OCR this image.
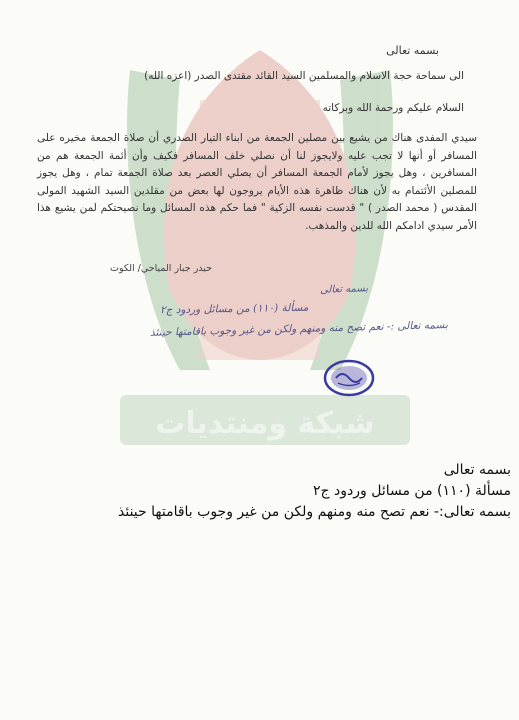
شبكة ومنتديات
بسمه تعالى
الى سماحة حجة الاسلام والمسلمين السيد القائد مقتدى الصدر (اعزه الله)
السلام عليكم ورحمة الله وبركاته
سيدي المفدى هناك من يشيع بين مصلين الجمعة من ابناء التيار الصدري أن صلاة الجمعة مخيره على المسافر أو أنها لا تجب عليه ولايجوز لنا أن نصلي خلف المسافر فكيف وأن أئمة الجمعة هم من المسافرين ، وهل يجوز لأمام الجمعة المسافر أن يصلي العصر بعد صلاة الجمعة تمام ، وهل يجوز للمصلين الأئتمام به لأن هناك ظاهرة هذه الأيام يروجون لها بعض من مقلدين السيد الشهيد المولى المقدس ( محمد الصدر ) " قدست نفسه الزكية " فما حكم هذه المسائل وما نصيحتكم لمن يشيع هذا الأمر سيدي ادامكم الله للدين والمذهب.
حيدر جبار المياحي/ الكوت
بسمه تعالى
مسألة (١١٠) من مسائل وردود ج٢
بسمه تعالى :- نعم تصح منه ومنهم ولكن من غير وجوب باقامتها حينئذ
بسمه تعالى
مسألة (١١٠) من مسائل وردود ج٢
بسمه تعالى:- نعم تصح منه ومنهم ولكن من غير وجوب باقامتها حينئذ
